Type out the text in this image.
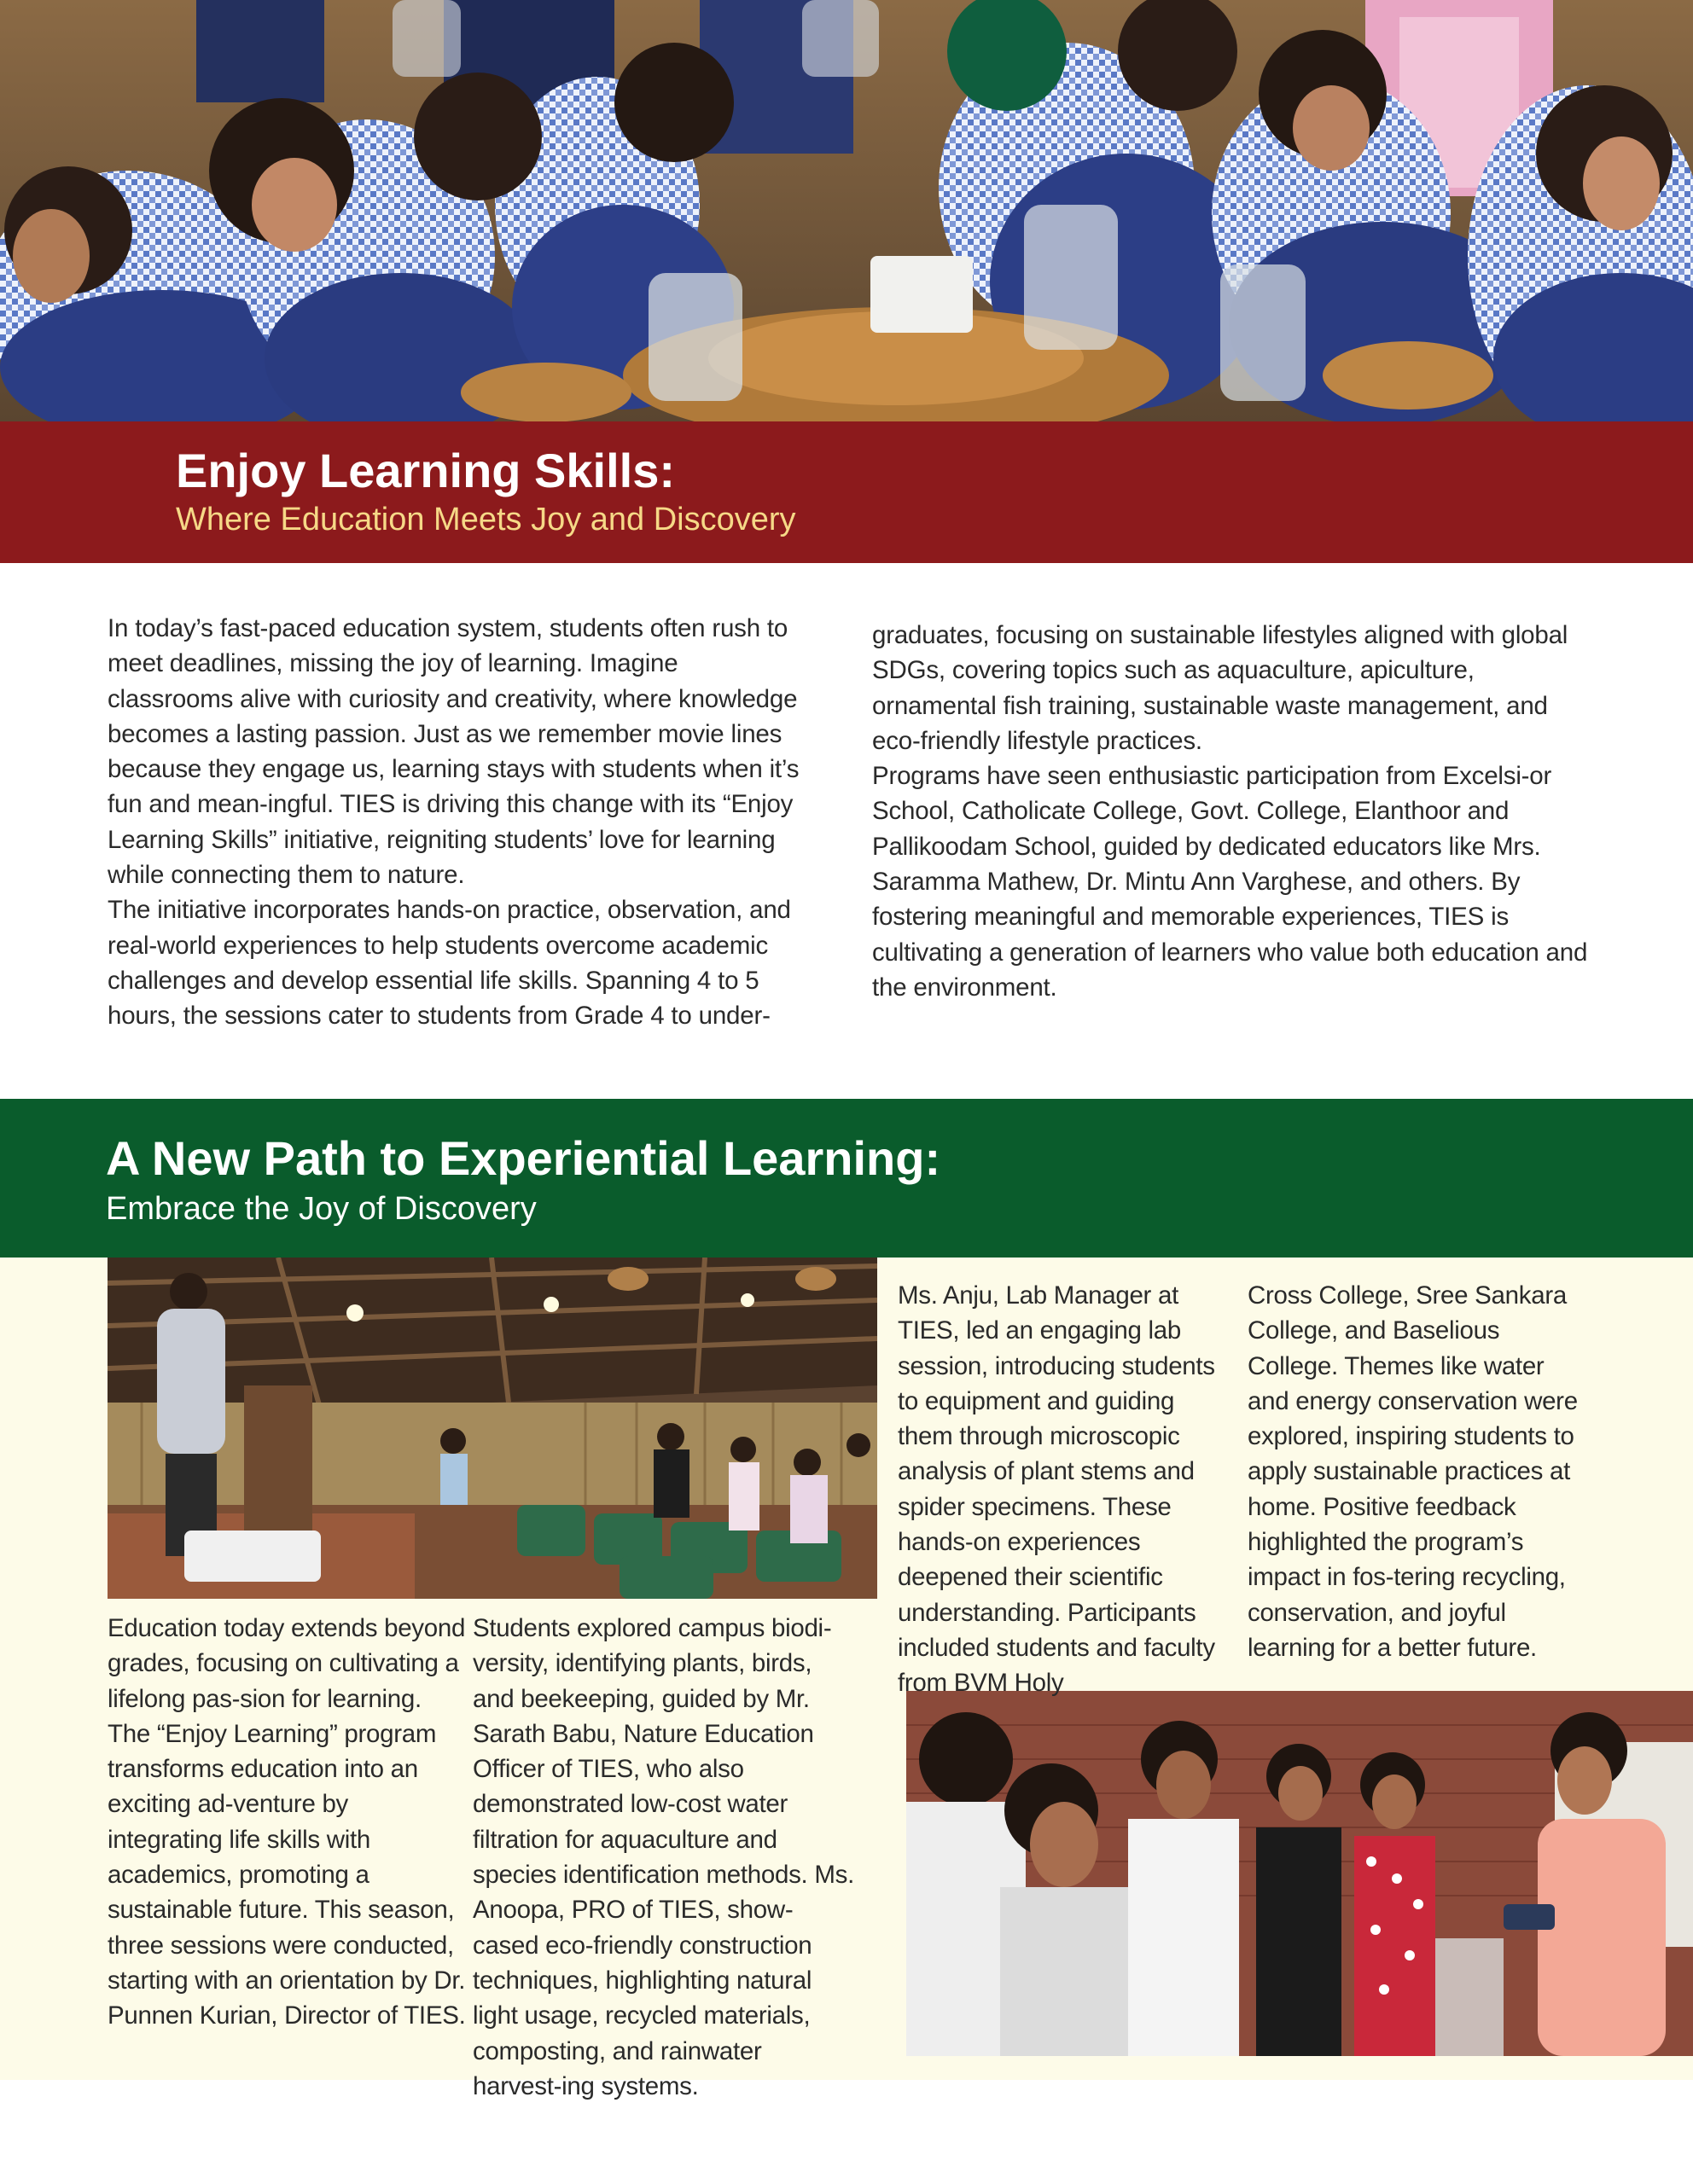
Enjoy Learning Skills:
Where Education Meets Joy and Discovery

In today’s fast-paced education system, students often rush to meet deadlines, missing the joy of learning. Imagine classrooms alive with curiosity and creativity, where knowledge becomes a lasting passion. Just as we remember movie lines because they engage us, learning stays with students when it’s fun and mean-ingful. TIES is driving this change with its “Enjoy Learning Skills” initiative, reigniting students’ love for learning while connecting them to nature.

The initiative incorporates hands-on practice, observation, and real-world experiences to help students overcome academic challenges and develop essential life skills. Spanning 4 to 5 hours, the sessions cater to students from Grade 4 to under-

graduates, focusing on sustainable lifestyles aligned with global SDGs, covering topics such as aquaculture, apiculture, ornamental fish training, sustainable waste management, and eco-friendly lifestyle practices.

Programs have seen enthusiastic participation from Excelsi-or School, Catholicate College, Govt. College, Elanthoor and Pallikoodam School, guided by dedicated educators like Mrs. Saramma Mathew, Dr. Mintu Ann Varghese, and others. By fostering meaningful and memorable experiences, TIES is cultivating a generation of learners who value both education and the environment.

A New Path to Experiential Learning:
Embrace the Joy of Discovery

Education today extends beyond grades, focusing on cultivating a lifelong pas-sion for learning. The “Enjoy Learning” program transforms education into an exciting ad-venture by integrating life skills with academics, promoting a sustainable future. This season, three sessions were conducted, starting with an orientation by Dr. Punnen Kurian, Director of TIES.

Students explored campus biodi-versity, identifying plants, birds, and beekeeping, guided by Mr. Sarath Babu, Nature Education Officer of TIES, who also demonstrated low-cost water filtration for aquaculture and species identification methods. Ms. Anoopa, PRO of TIES, show-cased eco-friendly construction techniques, highlighting natural light usage, recycled materials, composting, and rainwater harvest-ing systems.

Ms. Anju, Lab Manager at TIES, led an engaging lab session, introducing students to equipment and guiding them through microscopic analysis of plant stems and spider specimens. These hands-on experiences deepened their scientific understanding. Participants included students and faculty from BVM Holy

Cross College, Sree Sankara College, and Baselious College. Themes like water and energy conservation were explored, inspiring students to apply sustainable practices at home. Positive feedback highlighted the program’s impact in fos-tering recycling, conservation, and joyful learning for a better future.
